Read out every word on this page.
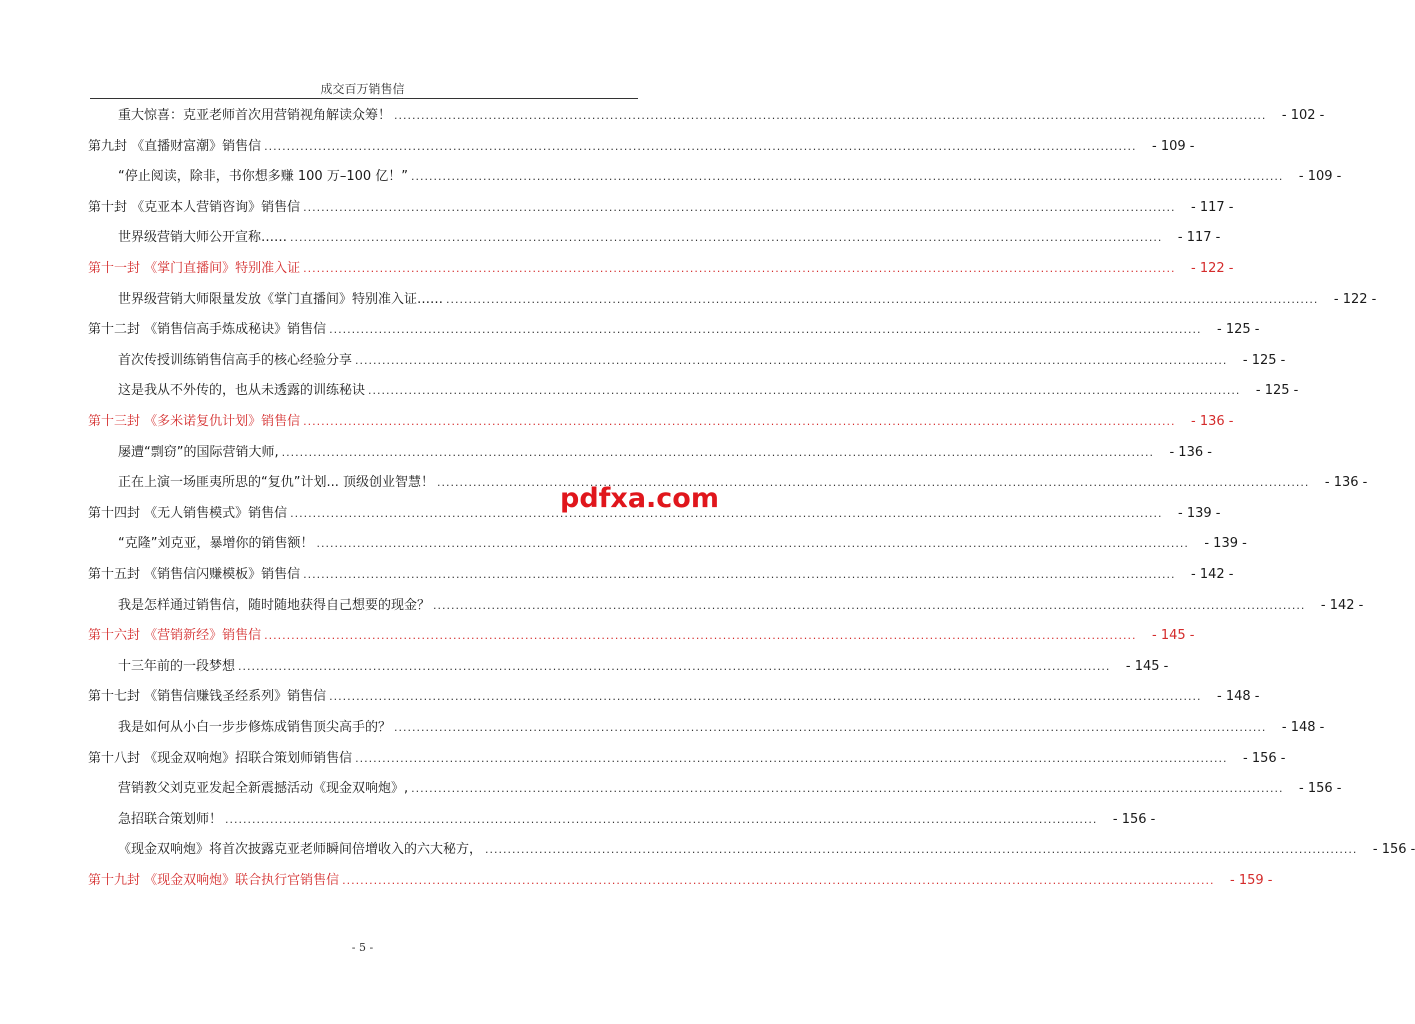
成交百万销售信
重大惊喜：克亚老师首次用营销视角解读众筹！ .....	- 102 -
第九封 《直播财富潮》销售信 .....	- 109 -
“停止阅读，除非，书你想多赚 100 万–100 亿！” .....	- 109 -
第十封 《克亚本人营销咨询》销售信 .....	- 117 -
世界级营销大师公开宣称…… .....	- 117 -
第十一封 《掌门直播间》特别准入证 .....	- 122 -
世界级营销大师限量发放《掌门直播间》特别准入证…… .....	- 122 -
第十二封 《销售信高手炼成秘诀》销售信 .....	- 125 -
首次传授训练销售信高手的核心经验分享 .....	- 125 -
这是我从不外传的，也从未透露的训练秘诀 .....	- 125 -
第十三封 《多米诺复仇计划》销售信 .....	- 136 -
屡遭“剽窃”的国际营销大师, .....	- 136 -
正在上演一场匪夷所思的“复仇”计划... 顶级创业智慧！ .....	- 136 -
第十四封 《无人销售模式》销售信 .....	- 139 -
“克隆”刘克亚，暴增你的销售额！ .....	- 139 -
第十五封 《销售信闪赚模板》销售信 .....	- 142 -
我是怎样通过销售信，随时随地获得自己想要的现金？ .....	- 142 -
第十六封 《营销新经》销售信 .....	- 145 -
十三年前的一段梦想 .....	- 145 -
第十七封 《销售信赚钱圣经系列》销售信 .....	- 148 -
我是如何从小白一步步修炼成销售顶尖高手的？ .....	- 148 -
第十八封 《现金双响炮》招联合策划师销售信 .....	- 156 -
营销教父刘克亚发起全新震撼活动《现金双响炮》, .....	- 156 -
急招联合策划师！ .....	- 156 -
《现金双响炮》将首次披露克亚老师瞬间倍增收入的六大秘方， .....	- 156 -
第十九封 《现金双响炮》联合执行官销售信 .....	- 159 -
pdfxa.com
- 5 -
